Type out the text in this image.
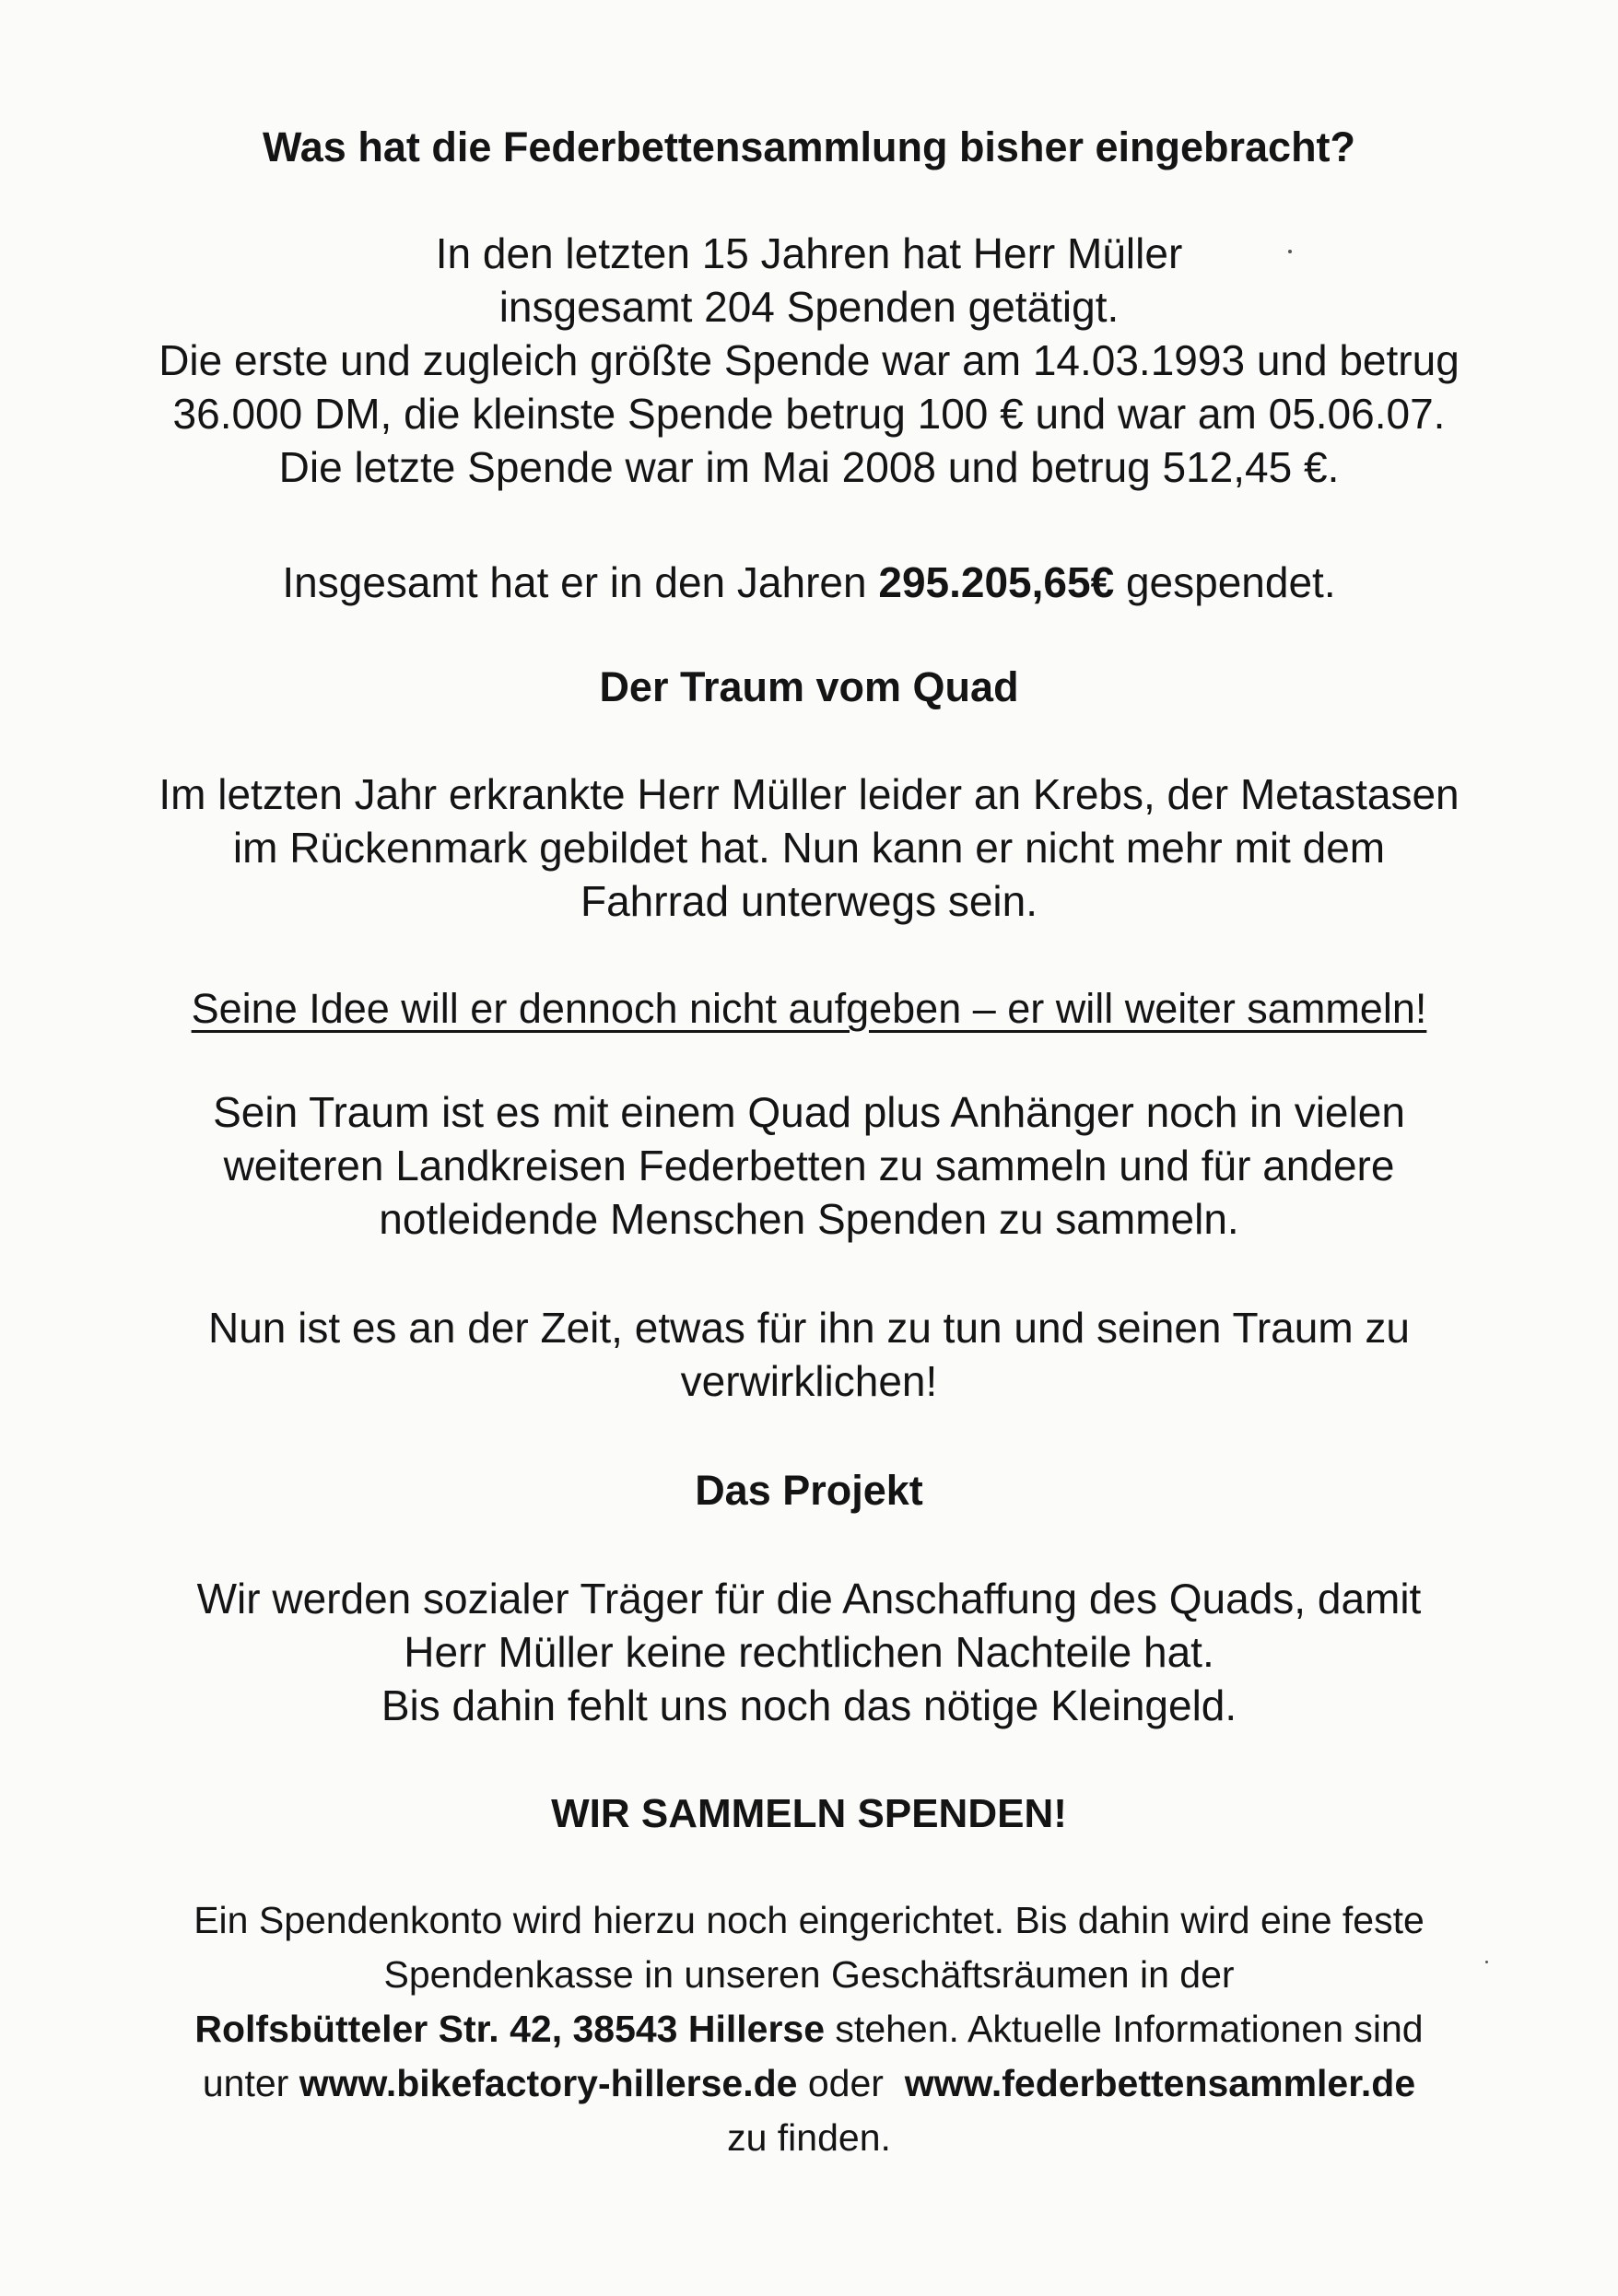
Was hat die Federbettensammlung bisher eingebracht?

In den letzten 15 Jahren hat Herr Müller
insgesamt 204 Spenden getätigt.
Die erste und zugleich größte Spende war am 14.03.1993 und betrug
36.000 DM, die kleinste Spende betrug 100 € und war am 05.06.07.
Die letzte Spende war im Mai 2008 und betrug 512,45 €.

Insgesamt hat er in den Jahren 295.205,65€ gespendet.

Der Traum vom Quad

Im letzten Jahr erkrankte Herr Müller leider an Krebs, der Metastasen
im Rückenmark gebildet hat. Nun kann er nicht mehr mit dem
Fahrrad unterwegs sein.

Seine Idee will er dennoch nicht aufgeben – er will weiter sammeln!

Sein Traum ist es mit einem Quad plus Anhänger noch in vielen
weiteren Landkreisen Federbetten zu sammeln und für andere
notleidende Menschen Spenden zu sammeln.

Nun ist es an der Zeit, etwas für ihn zu tun und seinen Traum zu
verwirklichen!

Das Projekt

Wir werden sozialer Träger für die Anschaffung des Quads, damit
Herr Müller keine rechtlichen Nachteile hat.
Bis dahin fehlt uns noch das nötige Kleingeld.

WIR SAMMELN SPENDEN!

Ein Spendenkonto wird hierzu noch eingerichtet. Bis dahin wird eine feste
Spendenkasse in unseren Geschäftsräumen in der
Rolfsbütteler Str. 42, 38543 Hillerse stehen. Aktuelle Informationen sind
unter www.bikefactory-hillerse.de oder  www.federbettensammler.de
zu finden.
